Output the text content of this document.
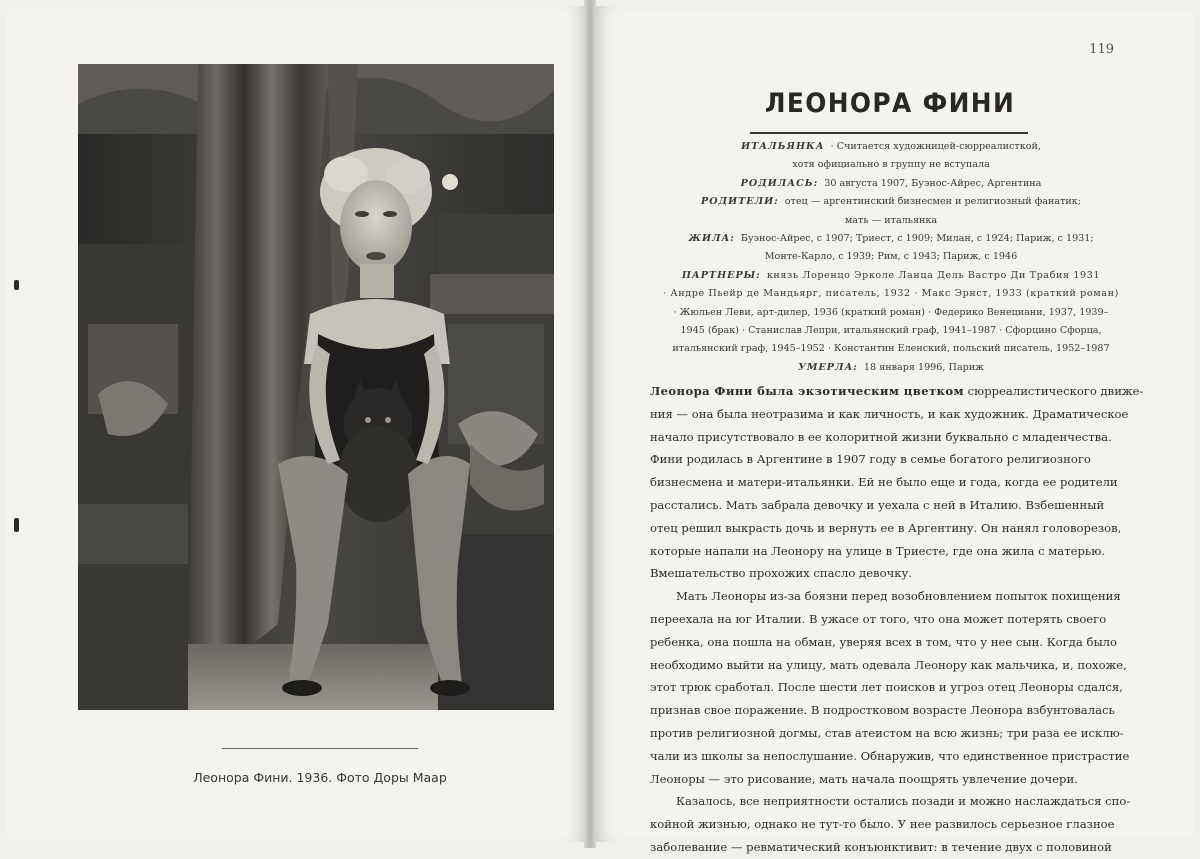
Леонора Фини. 1936. Фото Доры Маар
119
ЛЕОНОРА ФИНИ
ИТАЛЬЯНКА · Считается художницей-сюрреалисткой,
хотя официально в группу не вступала
РОДИЛАСЬ: 30 августа 1907, Буэнос-Айрес, Аргентина
РОДИТЕЛИ: отец — аргентинский бизнесмен и религиозный фанатик;
мать — итальянка
ЖИЛА: Буэнос-Айрес, с 1907; Триест, с 1909; Милан, с 1924; Париж, с 1931;
Монте-Карло, с 1939; Рим, с 1943; Париж, с 1946
ПАРТНЕРЫ: князь Лоренцо Эрколе Ланца Дель Вастро Ди Трабия 1931
· Андре Пьейр де Мандьярг, писатель, 1932 · Макс Эрнст, 1933 (краткий роман)
· Жюльен Леви, арт-дилер, 1936 (краткий роман) · Федерико Венециани, 1937, 1939–
1945 (брак) · Станислав Лепри, итальянский граф, 1941–1987 · Сфорцино Сфорца,
итальянский граф, 1945–1952 · Константин Еленский, польский писатель, 1952–1987
УМЕРЛА: 18 января 1996, Париж
Леонора Фини была экзотическим цветком сюрреалистического движе-
ния — она была неотразима и как личность, и как художник. Драматическое
начало присутствовало в ее колоритной жизни буквально с младенчества.
Фини родилась в Аргентине в 1907 году в семье богатого религиозного
бизнесмена и матери-итальянки. Ей не было еще и года, когда ее родители
расстались. Мать забрала девочку и уехала с ней в Италию. Взбешенный
отец решил выкрасть дочь и вернуть ее в Аргентину. Он нанял головорезов,
которые напали на Леонору на улице в Триесте, где она жила с матерью.
Вмешательство прохожих спасло девочку.
Мать Леоноры из-за боязни перед возобновлением попыток похищения
переехала на юг Италии. В ужасе от того, что она может потерять своего
ребенка, она пошла на обман, уверяя всех в том, что у нее сын. Когда было
необходимо выйти на улицу, мать одевала Леонору как мальчика, и, похоже,
этот трюк сработал. После шести лет поисков и угроз отец Леоноры сдался,
признав свое поражение. В подростковом возрасте Леонора взбунтовалась
против религиозной догмы, став атеистом на всю жизнь; три раза ее исклю-
чали из школы за непослушание. Обнаружив, что единственное пристрастие
Леоноры — это рисование, мать начала поощрять увлечение дочери.
Казалось, все неприятности остались позади и можно наслаждаться спо-
койной жизнью, однако не тут-то было. У нее развилось серьезное глазное
заболевание — ревматический конъюнктивит: в течение двух с половиной
